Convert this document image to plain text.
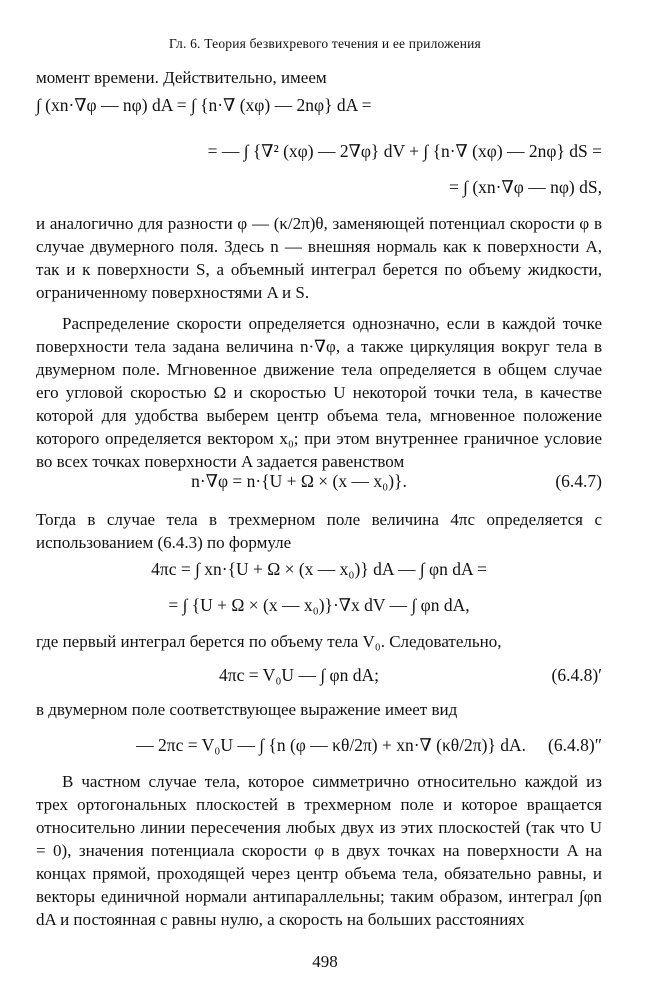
Гл. 6. Теория безвихревого течения и ее приложения
момент времени. Действительно, имеем
∫ (xn·∇φ — nφ) dA = ∫ {n·∇ (xφ) — 2nφ} dA =
= — ∫ {∇² (xφ) — 2∇φ} dV + ∫ {n·∇ (xφ) — 2nφ} dS =
= ∫ (xn·∇φ — nφ) dS,
и аналогично для разности φ — (κ/2π)θ, заменяющей потенциал скорости φ в случае двумерного поля. Здесь n — внешняя нормаль как к поверхности A, так и к поверхности S, а объемный интеграл берется по объему жидкости, ограниченному поверхностями A и S.
Распределение скорости определяется однозначно, если в каждой точке поверхности тела задана величина n·∇φ, а также циркуляция вокруг тела в двумерном поле. Мгновенное движение тела определяется в общем случае его угловой скоростью Ω и скоростью U некоторой точки тела, в качестве которой для удобства выберем центр объема тела, мгновенное положение которого определяется вектором x₀; при этом внутреннее граничное условие во всех точках поверхности A задается равенством
n·∇φ = n·{U + Ω × (x — x₀)}.	(6.4.7)
Тогда в случае тела в трехмерном поле величина 4πc определяется с использованием (6.4.3) по формуле
4πc = ∫ xn·{U + Ω × (x — x₀)} dA — ∫ φn dA =
= ∫ {U + Ω × (x — x₀)}·∇x dV — ∫ φn dA,
где первый интеграл берется по объему тела V₀. Следовательно,
4πc = V₀U — ∫ φn dA;	(6.4.8)′
в двумерном поле соответствующее выражение имеет вид
— 2πc = V₀U — ∫ {n (φ — κθ/2π) + xn·∇ (κθ/2π)} dA.	(6.4.8)″
В частном случае тела, которое симметрично относительно каждой из трех ортогональных плоскостей в трехмерном поле и которое вращается относительно линии пересечения любых двух из этих плоскостей (так что U = 0), значения потенциала скорости φ в двух точках на поверхности A на концах прямой, проходящей через центр объема тела, обязательно равны, и векторы единичной нормали антипараллельны; таким образом, интеграл ∫φn dA и постоянная c равны нулю, а скорость на больших расстояниях
498
